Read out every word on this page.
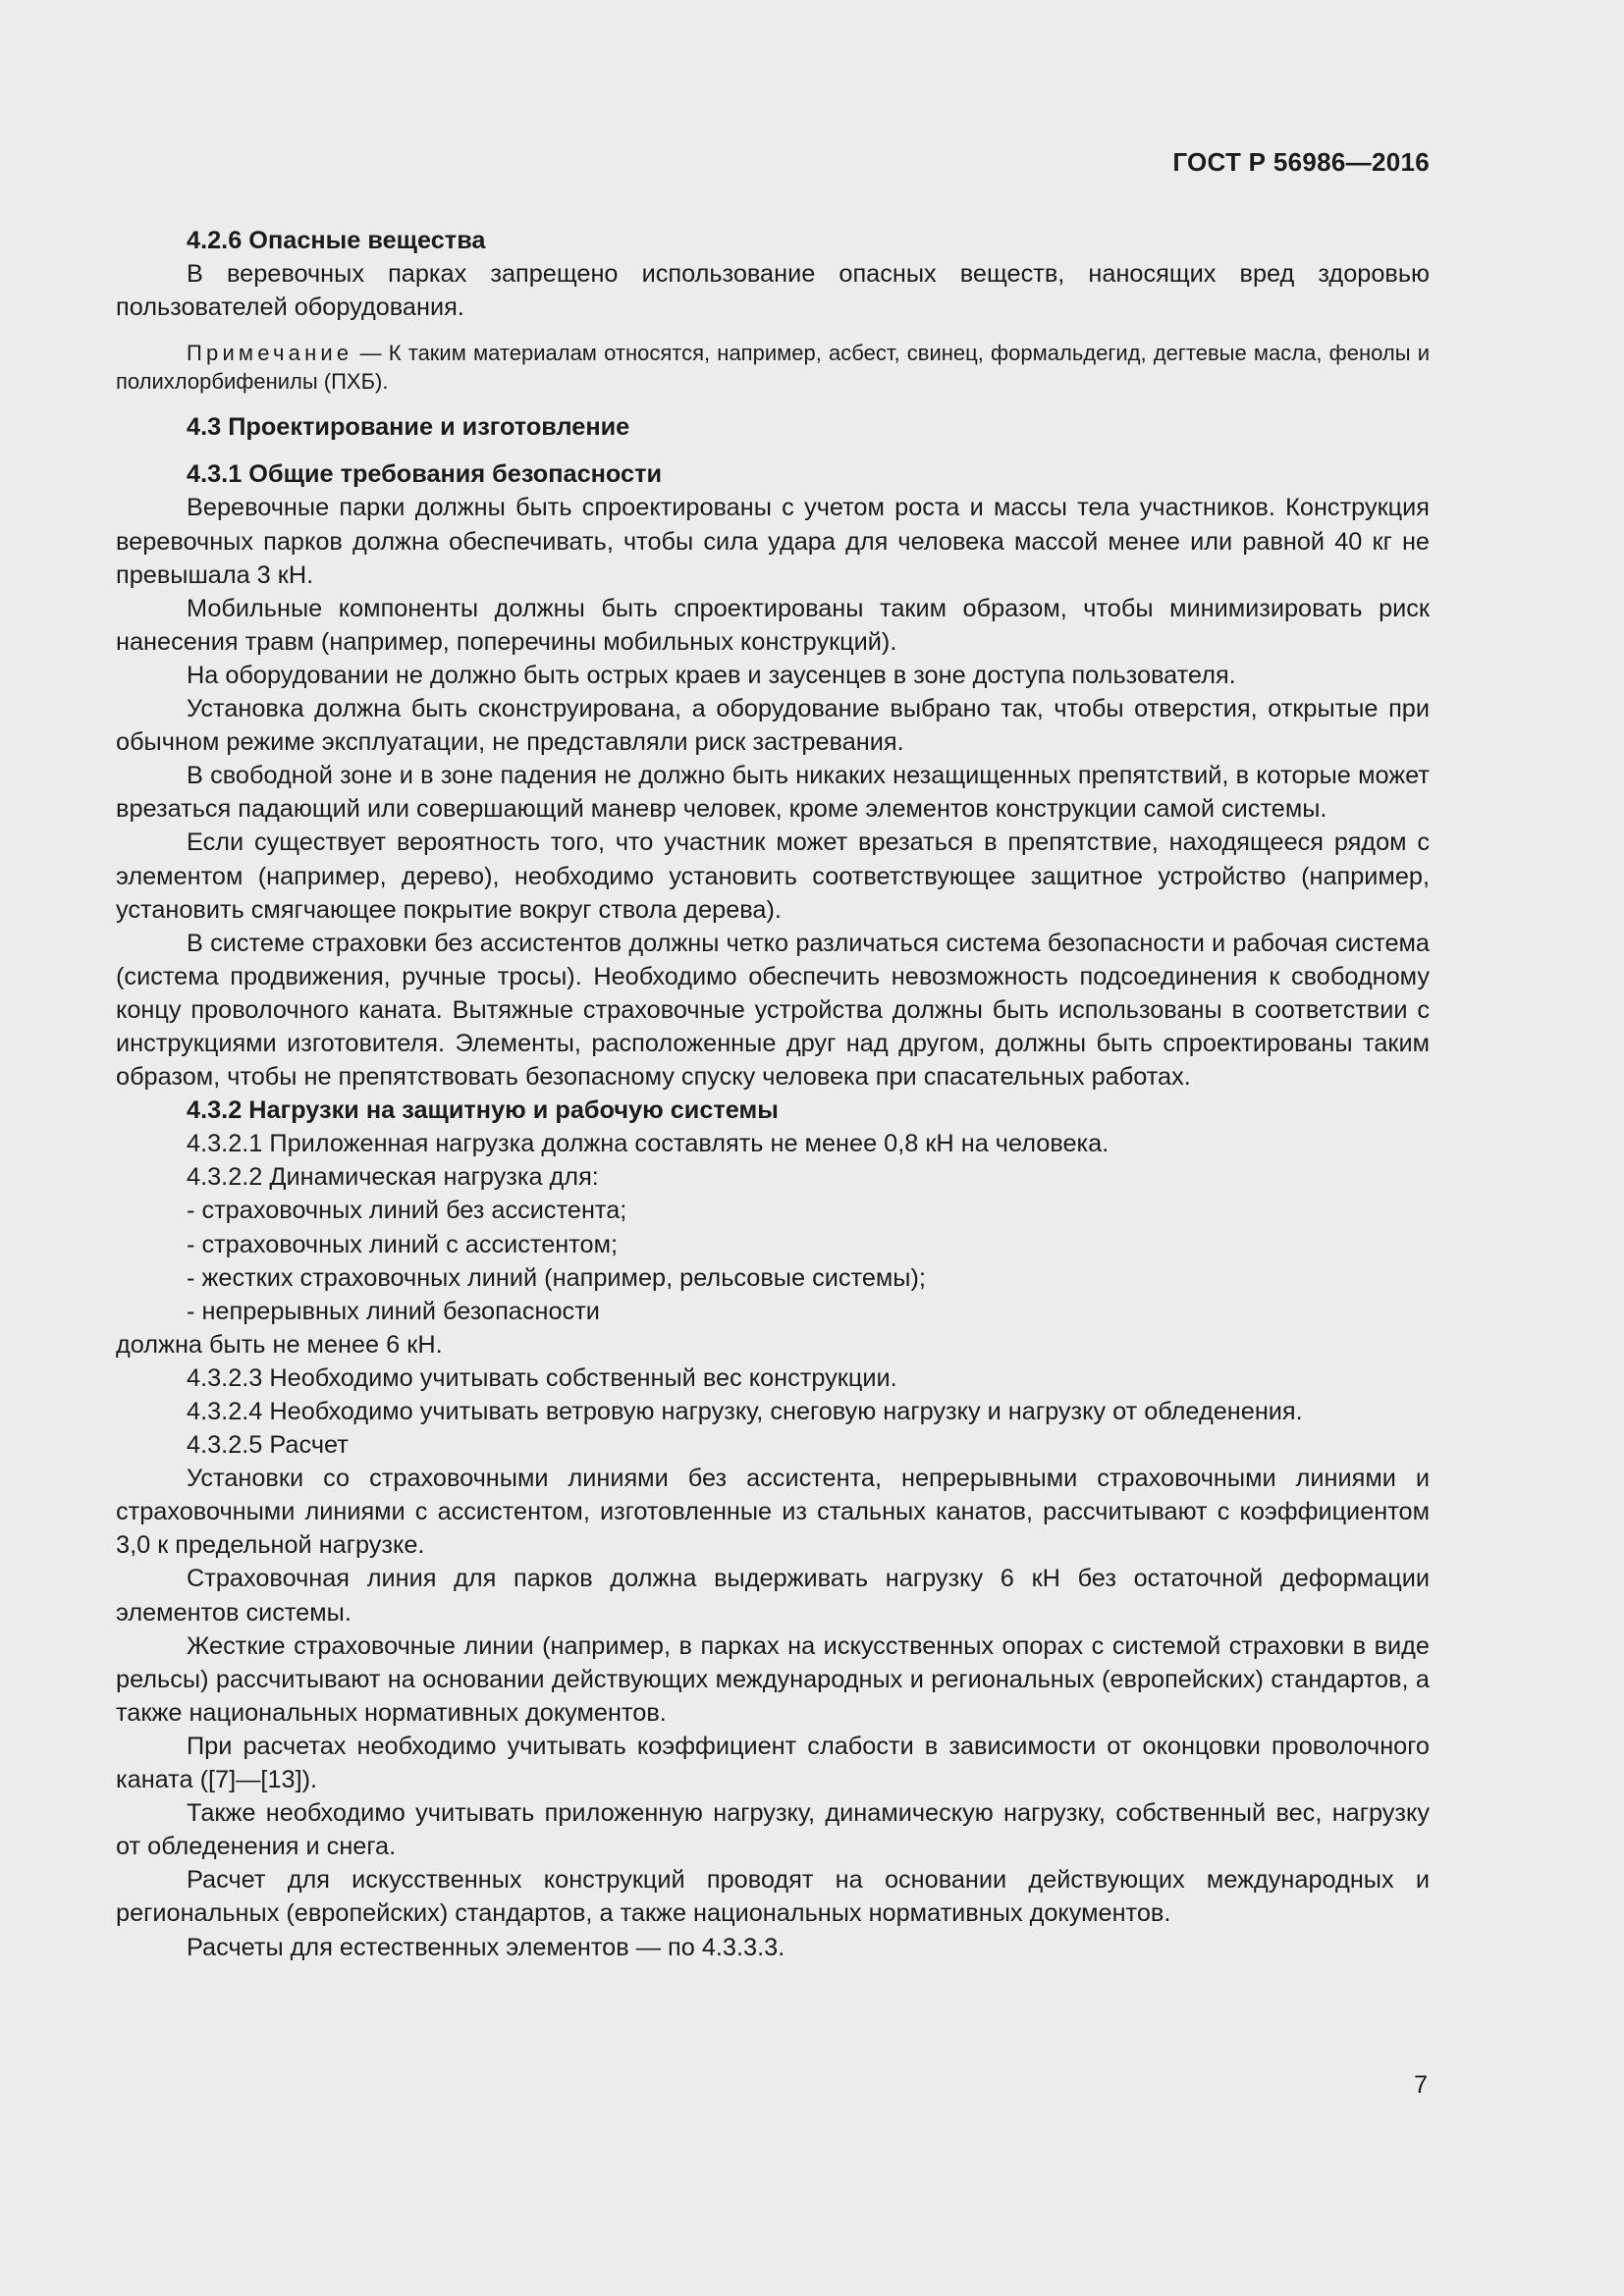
ГОСТ Р 56986—2016

4.2.6 Опасные вещества

В веревочных парках запрещено использование опасных веществ, наносящих вред здоровью пользователей оборудования.

Примечание — К таким материалам относятся, например, асбест, свинец, формальдегид, дегтевые масла, фенолы и полихлорбифенилы (ПХБ).

4.3 Проектирование и изготовление

4.3.1 Общие требования безопасности

Веревочные парки должны быть спроектированы с учетом роста и массы тела участников. Конструкция веревочных парков должна обеспечивать, чтобы сила удара для человека массой менее или равной 40 кг не превышала 3 кН.

Мобильные компоненты должны быть спроектированы таким образом, чтобы минимизировать риск нанесения травм (например, поперечины мобильных конструкций).

На оборудовании не должно быть острых краев и заусенцев в зоне доступа пользователя.

Установка должна быть сконструирована, а оборудование выбрано так, чтобы отверстия, открытые при обычном режиме эксплуатации, не представляли риск застревания.

В свободной зоне и в зоне падения не должно быть никаких незащищенных препятствий, в которые может врезаться падающий или совершающий маневр человек, кроме элементов конструкции самой системы.

Если существует вероятность того, что участник может врезаться в препятствие, находящееся рядом с элементом (например, дерево), необходимо установить соответствующее защитное устройство (например, установить смягчающее покрытие вокруг ствола дерева).

В системе страховки без ассистентов должны четко различаться система безопасности и рабочая система (система продвижения, ручные тросы). Необходимо обеспечить невозможность подсоединения к свободному концу проволочного каната. Вытяжные страховочные устройства должны быть использованы в соответствии с инструкциями изготовителя. Элементы, расположенные друг над другом, должны быть спроектированы таким образом, чтобы не препятствовать безопасному спуску человека при спасательных работах.

4.3.2 Нагрузки на защитную и рабочую системы

4.3.2.1 Приложенная нагрузка должна составлять не менее 0,8 кН на человека.

4.3.2.2 Динамическая нагрузка для:

- страховочных линий без ассистента;

- страховочных линий с ассистентом;

- жестких страховочных линий (например, рельсовые системы);

- непрерывных линий безопасности

должна быть не менее 6 кН.

4.3.2.3 Необходимо учитывать собственный вес конструкции.

4.3.2.4 Необходимо учитывать ветровую нагрузку, снеговую нагрузку и нагрузку от обледенения.

4.3.2.5 Расчет

Установки со страховочными линиями без ассистента, непрерывными страховочными линиями и страховочными линиями с ассистентом, изготовленные из стальных канатов, рассчитывают с коэффициентом 3,0 к предельной нагрузке.

Страховочная линия для парков должна выдерживать нагрузку 6 кН без остаточной деформации элементов системы.

Жесткие страховочные линии (например, в парках на искусственных опорах с системой страховки в виде рельсы) рассчитывают на основании действующих международных и региональных (европейских) стандартов, а также национальных нормативных документов.

При расчетах необходимо учитывать коэффициент слабости в зависимости от оконцовки проволочного каната ([7]—[13]).

Также необходимо учитывать приложенную нагрузку, динамическую нагрузку, собственный вес, нагрузку от обледенения и снега.

Расчет для искусственных конструкций проводят на основании действующих международных и региональных (европейских) стандартов, а также национальных нормативных документов.

Расчеты для естественных элементов — по 4.3.3.3.

7
